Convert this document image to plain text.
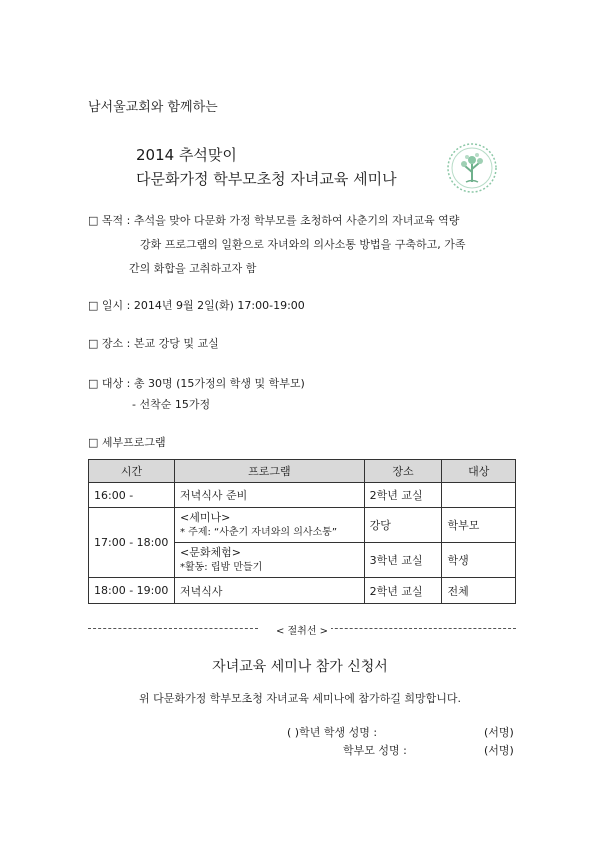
남서울교회와 함께하는
2014 추석맞이
다문화가정 학부모초청 자녀교육 세미나
□ 목적 : 추석을 맞아 다문화 가정 학부모를 초청하여 사춘기의 자녀교육 역량
강화 프로그램의 일환으로 자녀와의 의사소통 방법을 구축하고, 가족
간의 화합을 고취하고자 함
□ 일시 : 2014년 9월 2일(화) 17:00-19:00
□ 장소 : 본교 강당 및 교실
□ 대상 : 총 30명 (15가정의 학생 및 학부모)
- 선착순 15가정
□ 세부프로그램
시간	프로그램	장소	대상
16:00 -	저녁식사 준비	2학년 교실	
17:00 - 18:00	<세미나>
* 주제: “사춘기 자녀와의 의사소통”	강당	학부모

	<문화체험>
*활동: 립밤 만들기	3학년 교실	학생
18:00 - 19:00	저녁식사	2학년 교실	전체
< 절취선 >
자녀교육 세미나 참가 신청서
위 다문화가정 학부모초청 자녀교육 세미나에 참가하길 희망합니다.
( )학년 학생 성명 :	(서명)
학부모 성명 :	(서명)
